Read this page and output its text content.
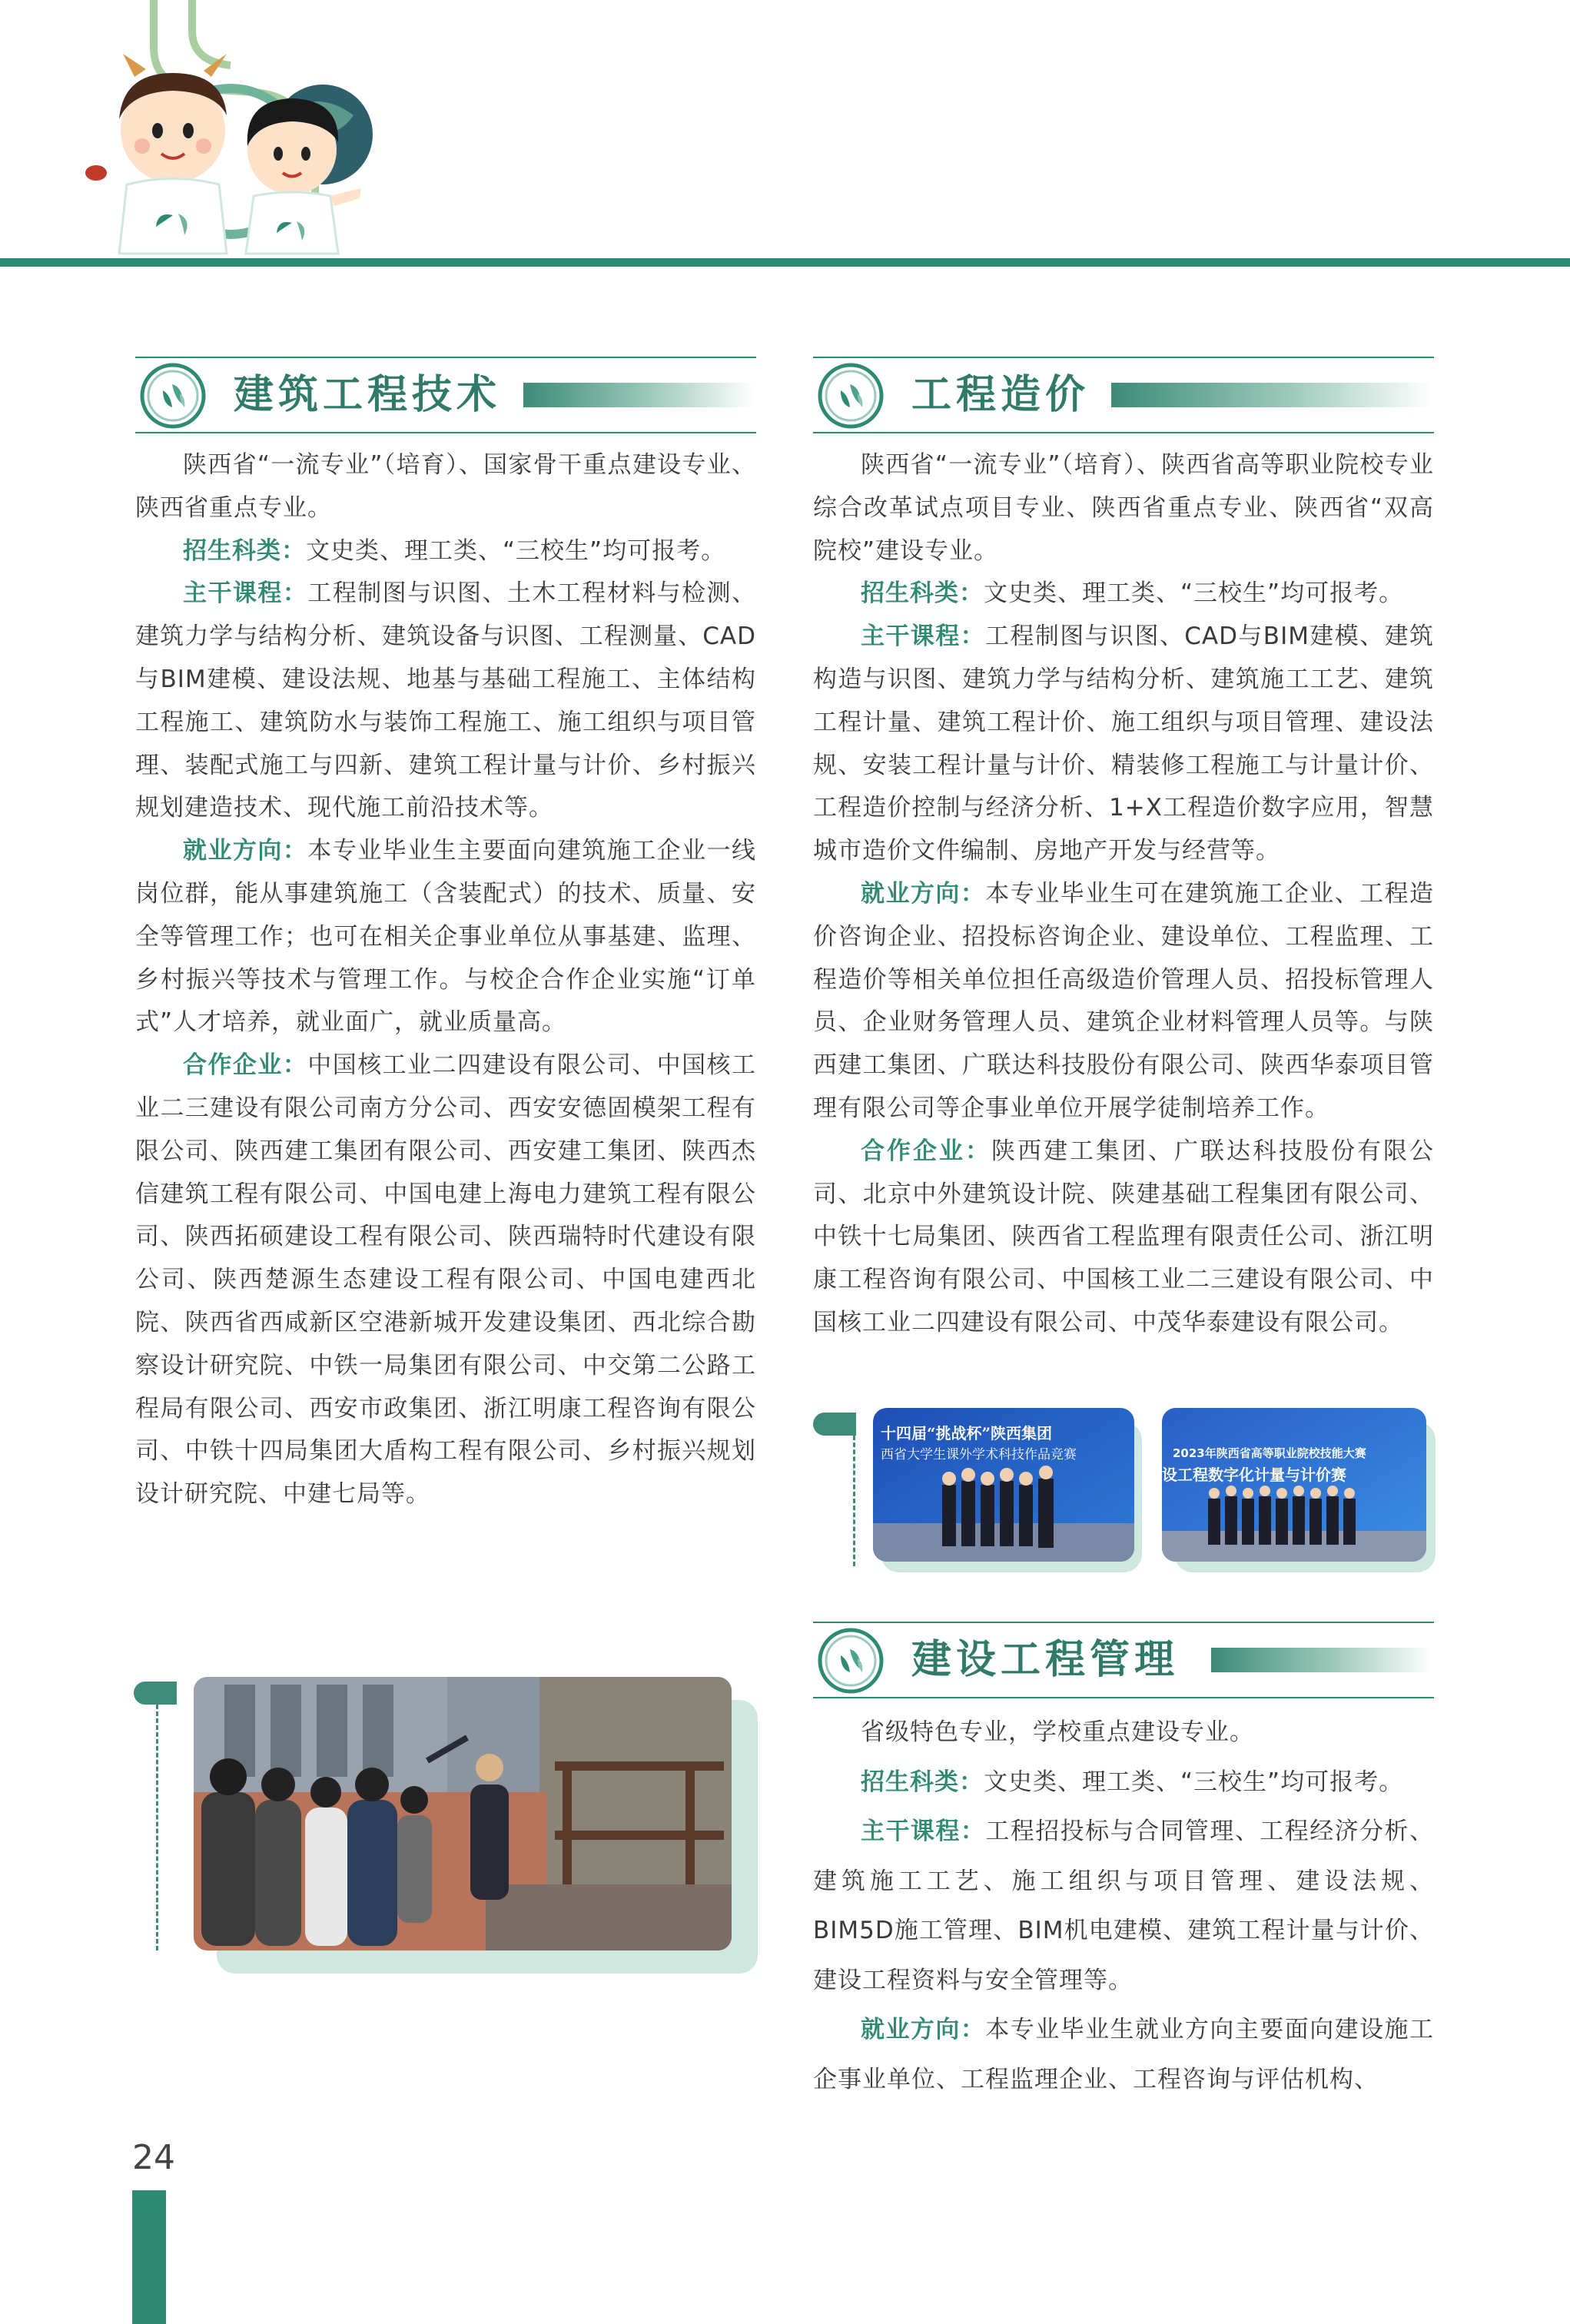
建筑工程技术

陕西省“一流专业”（培育）、国家骨干重点建设专业、陕西省重点专业。

招生科类：文史类、理工类、“三校生”均可报考。

主干课程：工程制图与识图、土木工程材料与检测、建筑力学与结构分析、建筑设备与识图、工程测量、CAD与BIM建模、建设法规、地基与基础工程施工、主体结构工程施工、建筑防水与装饰工程施工、施工组织与项目管理、装配式施工与四新、建筑工程计量与计价、乡村振兴规划建造技术、现代施工前沿技术等。

就业方向：本专业毕业生主要面向建筑施工企业一线岗位群，能从事建筑施工（含装配式）的技术、质量、安全等管理工作；也可在相关企事业单位从事基建、监理、乡村振兴等技术与管理工作。与校企合作企业实施“订单式”人才培养，就业面广，就业质量高。

合作企业：中国核工业二四建设有限公司、中国核工业二三建设有限公司南方分公司、西安安德固模架工程有限公司、陕西建工集团有限公司、西安建工集团、陕西杰信建筑工程有限公司、中国电建上海电力建筑工程有限公司、陕西拓硕建设工程有限公司、陕西瑞特时代建设有限公司、陕西楚源生态建设工程有限公司、中国电建西北院、陕西省西咸新区空港新城开发建设集团、西北综合勘察设计研究院、中铁一局集团有限公司、中交第二公路工程局有限公司、西安市政集团、浙江明康工程咨询有限公司、中铁十四局集团大盾构工程有限公司、乡村振兴规划设计研究院、中建七局等。

工程造价

陕西省“一流专业”（培育）、陕西省高等职业院校专业综合改革试点项目专业、陕西省重点专业、陕西省“双高院校”建设专业。

招生科类：文史类、理工类、“三校生”均可报考。

主干课程：工程制图与识图、CAD与BIM建模、建筑构造与识图、建筑力学与结构分析、建筑施工工艺、建筑工程计量、建筑工程计价、施工组织与项目管理、建设法规、安装工程计量与计价、精装修工程施工与计量计价、工程造价控制与经济分析、1+X工程造价数字应用，智慧城市造价文件编制、房地产开发与经营等。

就业方向：本专业毕业生可在建筑施工企业、工程造价咨询企业、招投标咨询企业、建设单位、工程监理、工程造价等相关单位担任高级造价管理人员、招投标管理人员、企业财务管理人员、建筑企业材料管理人员等。与陕西建工集团、广联达科技股份有限公司、陕西华泰项目管理有限公司等企事业单位开展学徒制培养工作。

合作企业：陕西建工集团、广联达科技股份有限公司、北京中外建筑设计院、陕建基础工程集团有限公司、中铁十七局集团、陕西省工程监理有限责任公司、浙江明康工程咨询有限公司、中国核工业二三建设有限公司、中国核工业二四建设有限公司、中茂华泰建设有限公司。

十四届“挑战杯”陕西集团
西省大学生课外学术科技作品竞赛	2023年陕西省高等职业院校技能大赛
设工程数字化计量与计价赛
建设工程管理

省级特色专业，学校重点建设专业。

招生科类：文史类、理工类、“三校生”均可报考。

主干课程：工程招投标与合同管理、工程经济分析、建筑施工工艺、施工组织与项目管理、建设法规、BIM5D施工管理、BIM机电建模、建筑工程计量与计价、建设工程资料与安全管理等。

就业方向：本专业毕业生就业方向主要面向建设施工企事业单位、工程监理企业、工程咨询与评估机构、

24
